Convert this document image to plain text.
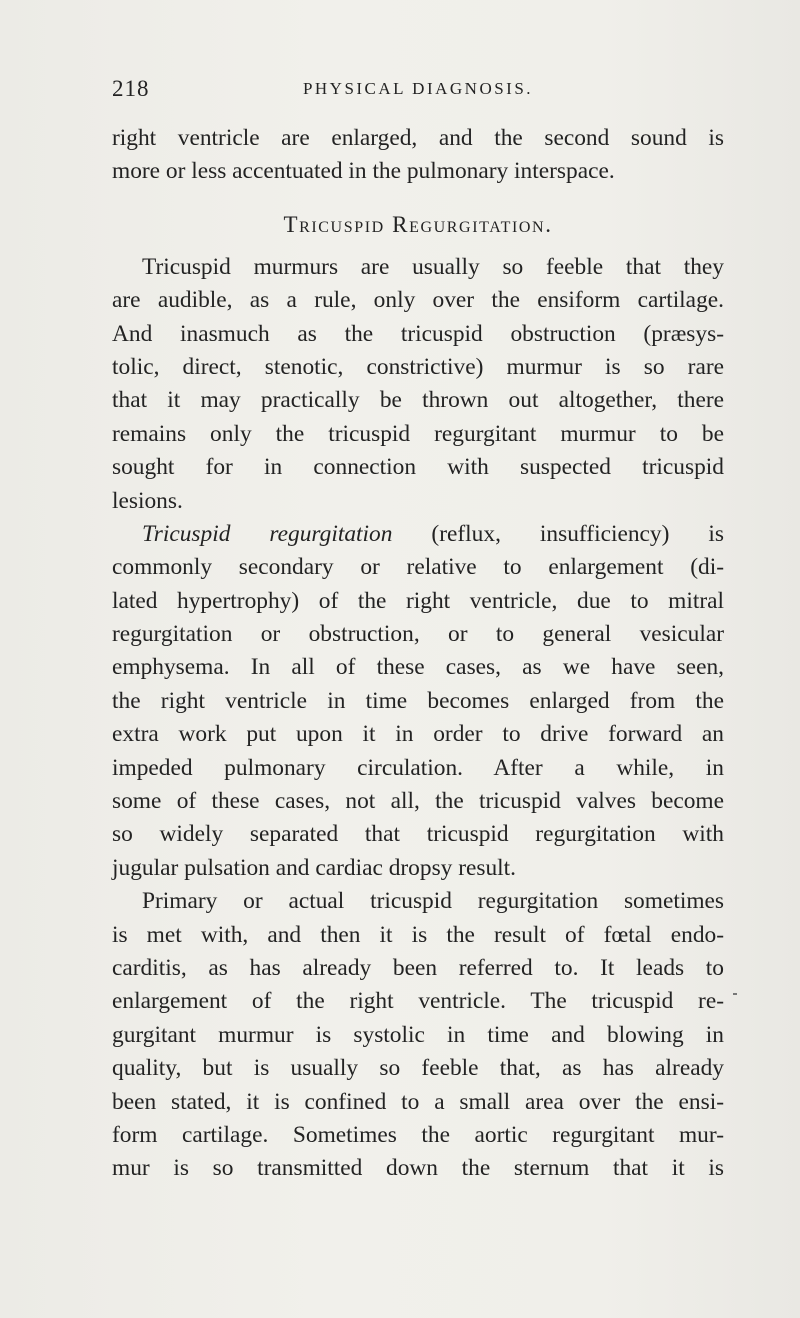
218	PHYSICAL DIAGNOSIS.
right ventricle are enlarged, and the second sound is
more or less accentuated in the pulmonary interspace.
Tricuspid Regurgitation.
Tricuspid murmurs are usually so feeble that they
are audible, as a rule, only over the ensiform cartilage.
And inasmuch as the tricuspid obstruction (præsys-
tolic, direct, stenotic, constrictive) murmur is so rare
that it may practically be thrown out altogether, there
remains only the tricuspid regurgitant murmur to be
sought for in connection with suspected tricuspid
lesions.
Tricuspid regurgitation (reflux, insufficiency) is
commonly secondary or relative to enlargement (di-
lated hypertrophy) of the right ventricle, due to mitral
regurgitation or obstruction, or to general vesicular
emphysema. In all of these cases, as we have seen,
the right ventricle in time becomes enlarged from the
extra work put upon it in order to drive forward an
impeded pulmonary circulation. After a while, in
some of these cases, not all, the tricuspid valves become
so widely separated that tricuspid regurgitation with
jugular pulsation and cardiac dropsy result.
Primary or actual tricuspid regurgitation sometimes
is met with, and then it is the result of fœtal endo-
carditis, as has already been referred to. It leads to
enlargement of the right ventricle. The tricuspid re-
gurgitant murmur is systolic in time and blowing in
quality, but is usually so feeble that, as has already
been stated, it is confined to a small area over the ensi-
form cartilage. Sometimes the aortic regurgitant mur-
mur is so transmitted down the sternum that it is
